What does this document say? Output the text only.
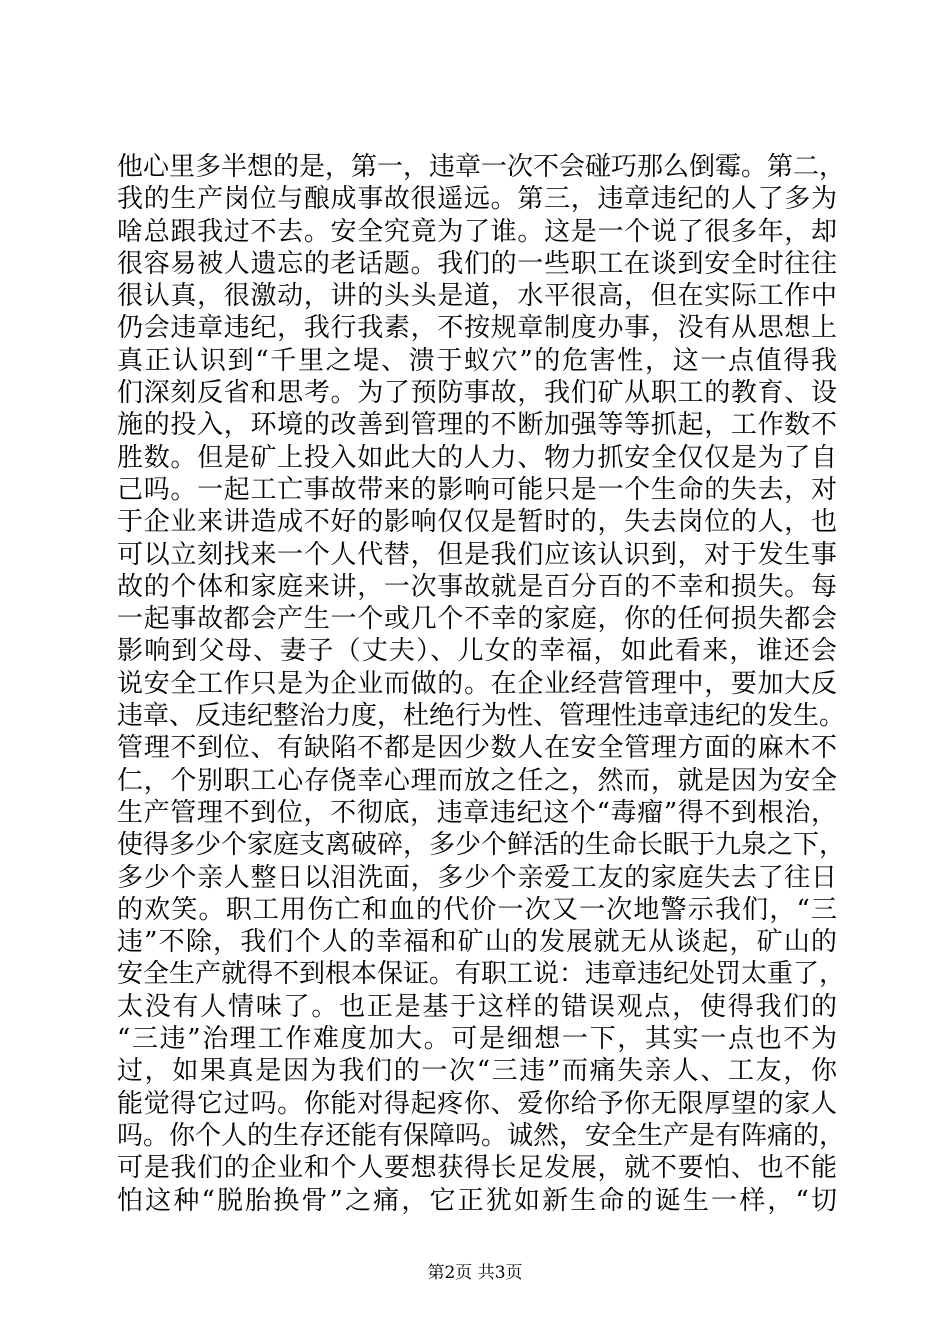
他心里多半想的是，第一，违章一次不会碰巧那么倒霉。第二，
我的生产岗位与酿成事故很遥远。第三，违章违纪的人了多为
啥总跟我过不去。安全究竟为了谁。这是一个说了很多年，却
很容易被人遗忘的老话题。我们的一些职工在谈到安全时往往
很认真，很激动，讲的头头是道，水平很高，但在实际工作中
仍会违章违纪，我行我素，不按规章制度办事，没有从思想上
真正认识到“千里之堤、溃于蚁穴”的危害性，这一点值得我
们深刻反省和思考。为了预防事故，我们矿从职工的教育、设
施的投入，环境的改善到管理的不断加强等等抓起，工作数不
胜数。但是矿上投入如此大的人力、物力抓安全仅仅是为了自
己吗。一起工亡事故带来的影响可能只是一个生命的失去，对
于企业来讲造成不好的影响仅仅是暂时的，失去岗位的人，也
可以立刻找来一个人代替，但是我们应该认识到，对于发生事
故的个体和家庭来讲，一次事故就是百分百的不幸和损失。每
一起事故都会产生一个或几个不幸的家庭，你的任何损失都会
影响到父母、妻子（丈夫）、儿女的幸福，如此看来，谁还会
说安全工作只是为企业而做的。在企业经营管理中，要加大反
违章、反违纪整治力度，杜绝行为性、管理性违章违纪的发生。
管理不到位、有缺陷不都是因少数人在安全管理方面的麻木不
仁，个别职工心存侥幸心理而放之任之，然而，就是因为安全
生产管理不到位，不彻底，违章违纪这个“毒瘤”得不到根治，
使得多少个家庭支离破碎，多少个鲜活的生命长眠于九泉之下，
多少个亲人整日以泪洗面，多少个亲爱工友的家庭失去了往日
的欢笑。职工用伤亡和血的代价一次又一次地警示我们，“三
违”不除，我们个人的幸福和矿山的发展就无从谈起，矿山的
安全生产就得不到根本保证。有职工说：违章违纪处罚太重了，
太没有人情味了。也正是基于这样的错误观点，使得我们的
“三违”治理工作难度加大。可是细想一下，其实一点也不为
过，如果真是因为我们的一次“三违”而痛失亲人、工友，你
能觉得它过吗。你能对得起疼你、爱你给予你无限厚望的家人
吗。你个人的生存还能有保障吗。诚然，安全生产是有阵痛的，
可是我们的企业和个人要想获得长足发展，就不要怕、也不能
怕这种“脱胎换骨”之痛，它正犹如新生命的诞生一样，“切
第2页 共3页
